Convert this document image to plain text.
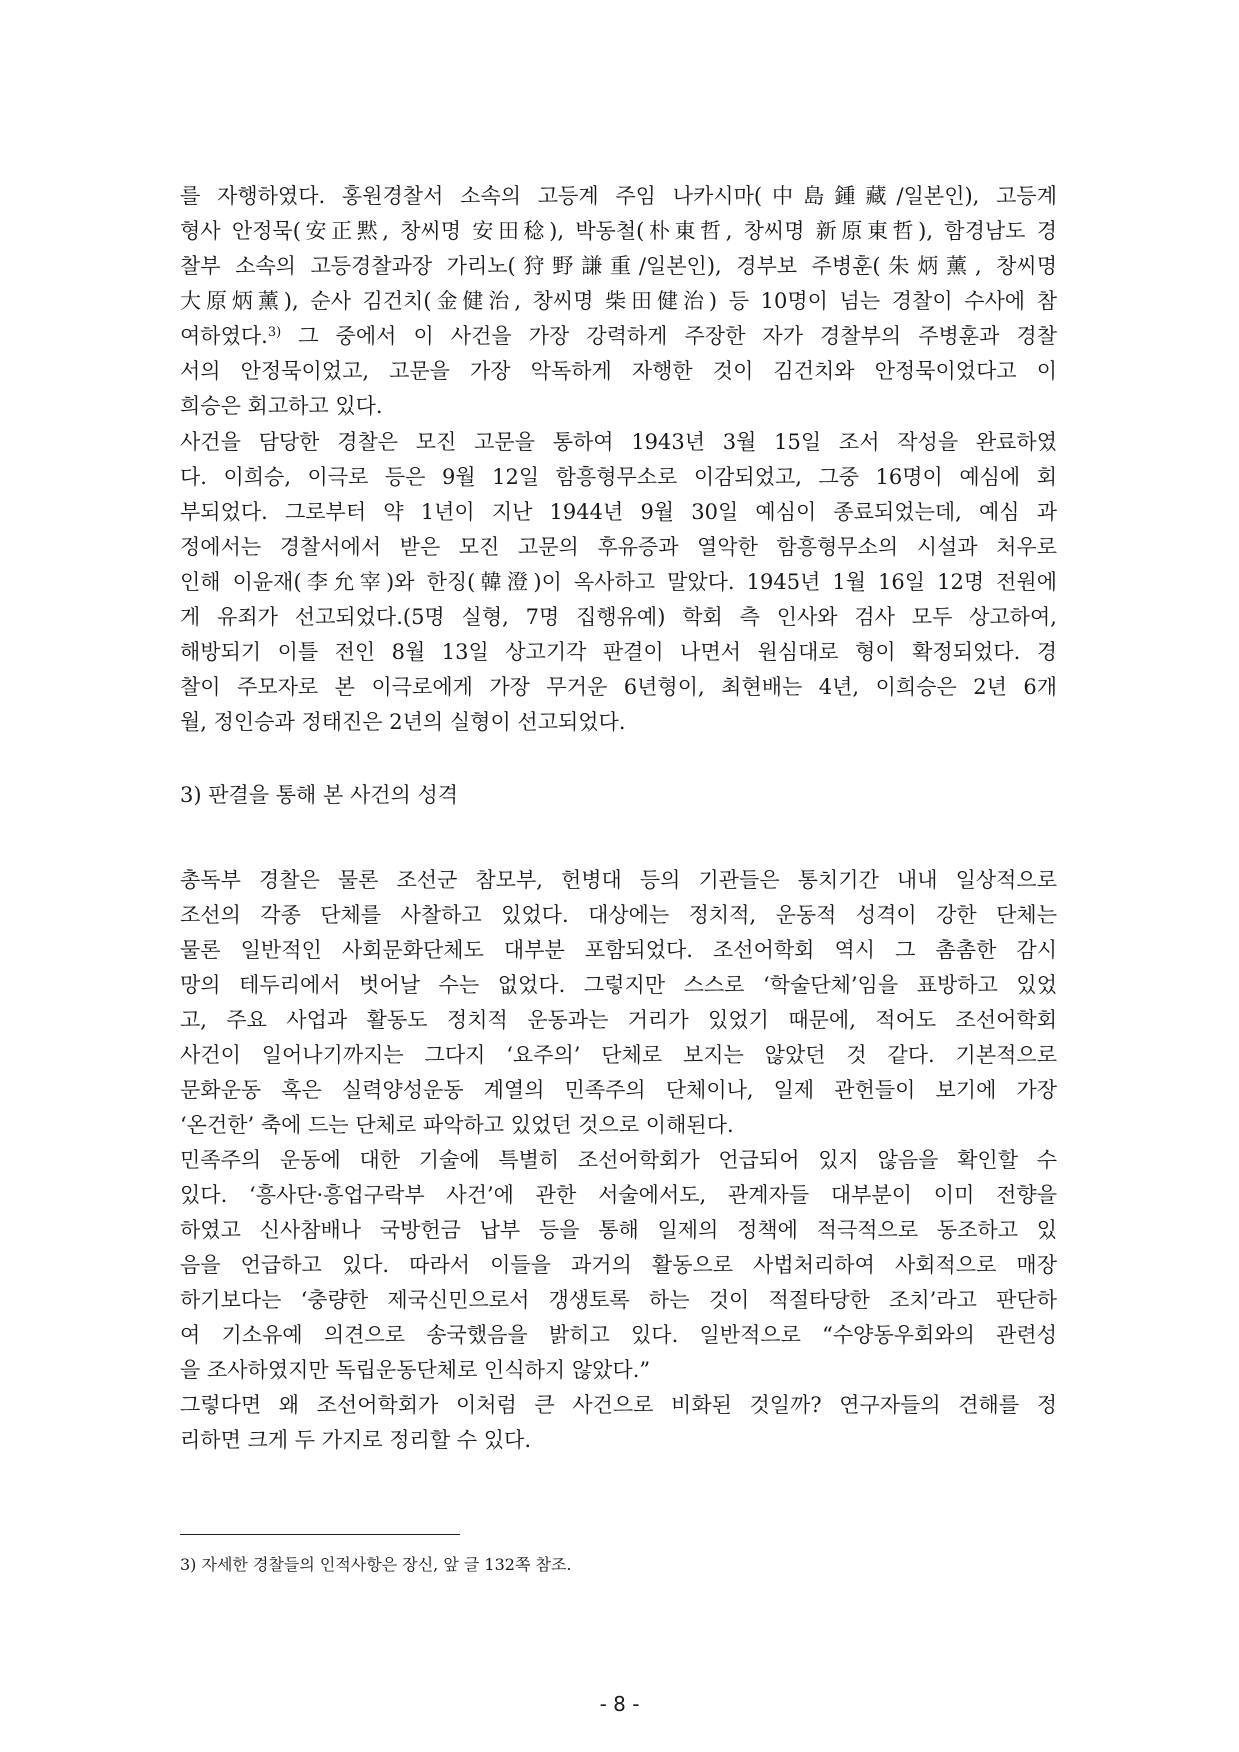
를 자행하였다. 홍원경찰서 소속의 고등계 주임 나카시마(中島鍾藏/일본인), 고등계
형사 안정묵(安正黙, 창씨명 安田稔), 박동철(朴東哲, 창씨명 新原東哲), 함경남도 경
찰부 소속의 고등경찰과장 가리노(狩野謙重/일본인), 경부보 주병훈(朱炳薰, 창씨명
大原炳薰), 순사 김건치(金健治, 창씨명 柴田健治) 등 10명이 넘는 경찰이 수사에 참
여하였다.$^{3)}$ 그 중에서 이 사건을 가장 강력하게 주장한 자가 경찰부의 주병훈과 경찰
서의 안정묵이었고, 고문을 가장 악독하게 자행한 것이 김건치와 안정묵이었다고 이
희승은 회고하고 있다.
사건을 담당한 경찰은 모진 고문을 통하여 1943년 3월 15일 조서 작성을 완료하였
다. 이희승, 이극로 등은 9월 12일 함흥형무소로 이감되었고, 그중 16명이 예심에 회
부되었다. 그로부터 약 1년이 지난 1944년 9월 30일 예심이 종료되었는데, 예심 과
정에서는 경찰서에서 받은 모진 고문의 후유증과 열악한 함흥형무소의 시설과 처우로
인해 이윤재(李允宰)와 한징(韓澄)이 옥사하고 말았다. 1945년 1월 16일 12명 전원에
게 유죄가 선고되었다.(5명 실형, 7명 집행유예) 학회 측 인사와 검사 모두 상고하여,
해방되기 이틀 전인 8월 13일 상고기각 판결이 나면서 원심대로 형이 확정되었다. 경
찰이 주모자로 본 이극로에게 가장 무거운 6년형이, 최현배는 4년, 이희승은 2년 6개
월, 정인승과 정태진은 2년의 실형이 선고되었다.
3) 판결을 통해 본 사건의 성격
총독부 경찰은 물론 조선군 참모부, 헌병대 등의 기관들은 통치기간 내내 일상적으로
조선의 각종 단체를 사찰하고 있었다. 대상에는 정치적, 운동적 성격이 강한 단체는
물론 일반적인 사회문화단체도 대부분 포함되었다. 조선어학회 역시 그 촘촘한 감시
망의 테두리에서 벗어날 수는 없었다. 그렇지만 스스로 ‘학술단체’임을 표방하고 있었
고, 주요 사업과 활동도 정치적 운동과는 거리가 있었기 때문에, 적어도 조선어학회
사건이 일어나기까지는 그다지 ‘요주의’ 단체로 보지는 않았던 것 같다. 기본적으로
문화운동 혹은 실력양성운동 계열의 민족주의 단체이나, 일제 관헌들이 보기에 가장
‘온건한’ 축에 드는 단체로 파악하고 있었던 것으로 이해된다.
민족주의 운동에 대한 기술에 특별히 조선어학회가 언급되어 있지 않음을 확인할 수
있다. ‘흥사단·흥업구락부 사건’에 관한 서술에서도, 관계자들 대부분이 이미 전향을
하였고 신사참배나 국방헌금 납부 등을 통해 일제의 정책에 적극적으로 동조하고 있
음을 언급하고 있다. 따라서 이들을 과거의 활동으로 사법처리하여 사회적으로 매장
하기보다는 ‘충량한 제국신민으로서 갱생토록 하는 것이 적절타당한 조치’라고 판단하
여 기소유예 의견으로 송국했음을 밝히고 있다. 일반적으로 “수양동우회와의 관련성
을 조사하였지만 독립운동단체로 인식하지 않았다.”
그렇다면 왜 조선어학회가 이처럼 큰 사건으로 비화된 것일까? 연구자들의 견해를 정
리하면 크게 두 가지로 정리할 수 있다.
3) 자세한 경찰들의 인적사항은 장신, 앞 글 132쪽 참조.
- 8 -
